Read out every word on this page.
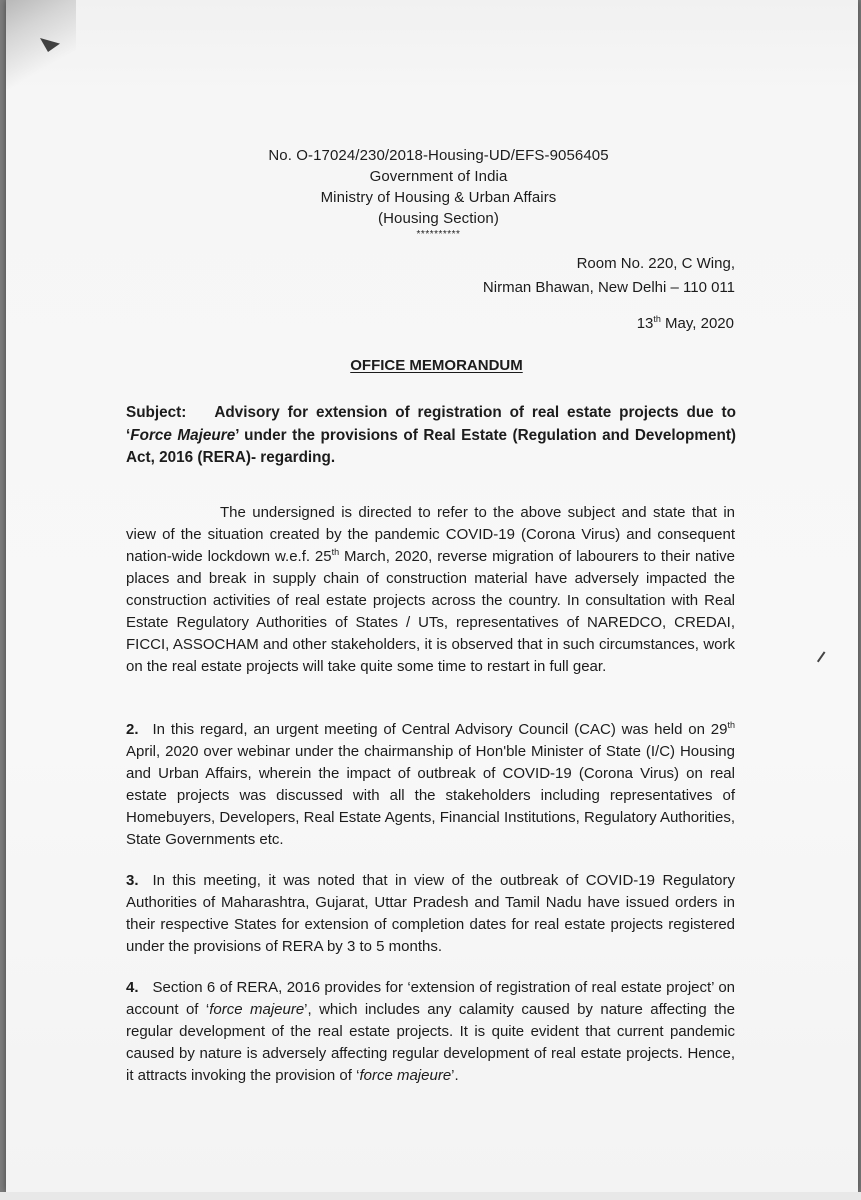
No. O-17024/230/2018-Housing-UD/EFS-9056405
Government of India
Ministry of Housing & Urban Affairs
(Housing Section)
**********
Room No. 220, C Wing,
Nirman Bhawan, New Delhi – 110 011
13th May, 2020
OFFICE MEMORANDUM
Subject: Advisory for extension of registration of real estate projects due to ‘Force Majeure’ under the provisions of Real Estate (Regulation and Development) Act, 2016 (RERA)- regarding.
The undersigned is directed to refer to the above subject and state that in view of the situation created by the pandemic COVID-19 (Corona Virus) and consequent nation-wide lockdown w.e.f. 25th March, 2020, reverse migration of labourers to their native places and break in supply chain of construction material have adversely impacted the construction activities of real estate projects across the country. In consultation with Real Estate Regulatory Authorities of States / UTs, representatives of NAREDCO, CREDAI, FICCI, ASSOCHAM and other stakeholders, it is observed that in such circumstances, work on the real estate projects will take quite some time to restart in full gear.
2. In this regard, an urgent meeting of Central Advisory Council (CAC) was held on 29th April, 2020 over webinar under the chairmanship of Hon'ble Minister of State (I/C) Housing and Urban Affairs, wherein the impact of outbreak of COVID-19 (Corona Virus) on real estate projects was discussed with all the stakeholders including representatives of Homebuyers, Developers, Real Estate Agents, Financial Institutions, Regulatory Authorities, State Governments etc.
3. In this meeting, it was noted that in view of the outbreak of COVID-19 Regulatory Authorities of Maharashtra, Gujarat, Uttar Pradesh and Tamil Nadu have issued orders in their respective States for extension of completion dates for real estate projects registered under the provisions of RERA by 3 to 5 months.
4. Section 6 of RERA, 2016 provides for ‘extension of registration of real estate project’ on account of ‘force majeure’, which includes any calamity caused by nature affecting the regular development of the real estate projects. It is quite evident that current pandemic caused by nature is adversely affecting regular development of real estate projects. Hence, it attracts invoking the provision of ‘force majeure’.
